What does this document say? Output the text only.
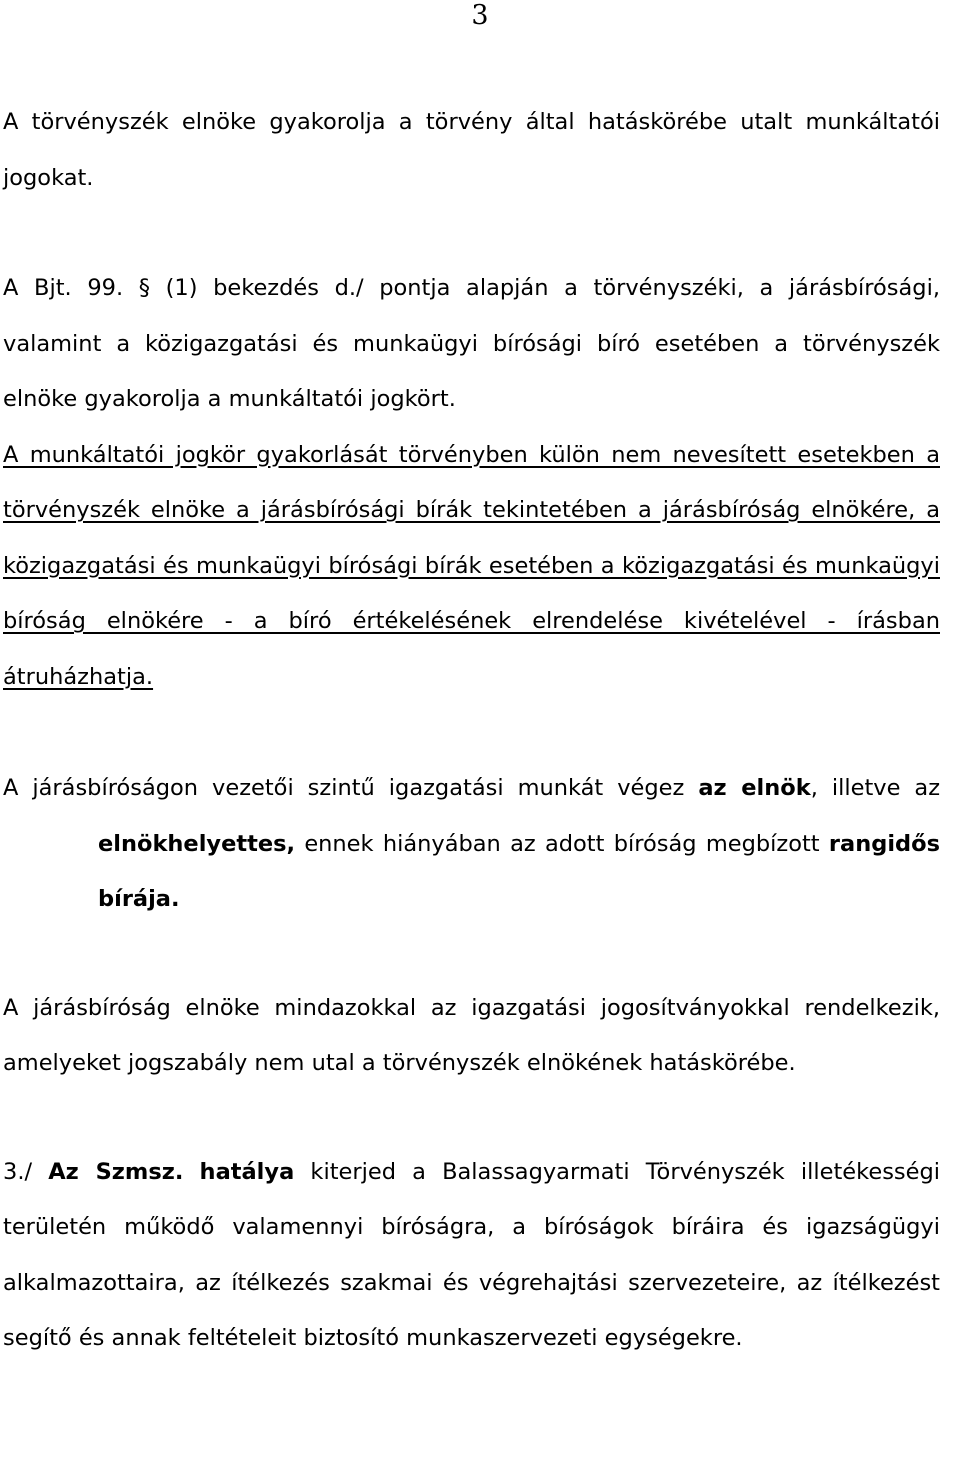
3

A törvényszék elnöke gyakorolja a törvény által hatáskörébe utalt munkáltatói jogokat.

A Bjt. 99. § (1) bekezdés d./ pontja alapján a törvényszéki, a járásbírósági, valamint a közigazgatási és munkaügyi bírósági bíró esetében a törvényszék elnöke gyakorolja a munkáltatói jogkört.

A munkáltatói jogkör gyakorlását törvényben külön nem nevesített esetekben a törvényszék elnöke a járásbírósági bírák tekintetében a járásbíróság elnökére, a közigazgatási és munkaügyi bírósági bírák esetében a közigazgatási és munkaügyi bíróság elnökére - a bíró értékelésének elrendelése kivételével - írásban átruházhatja.

A járásbíróságon vezetői szintű igazgatási munkát végez az elnök, illetve az elnökhelyettes, ennek hiányában az adott bíróság megbízott rangidős bírája.

A járásbíróság elnöke mindazokkal az igazgatási jogosítványokkal rendelkezik, amelyeket jogszabály nem utal a törvényszék elnökének hatáskörébe.

3./ Az Szmsz. hatálya kiterjed a Balassagyarmati Törvényszék illetékességi területén működő valamennyi bíróságra, a bíróságok bíráira és igazságügyi alkalmazottaira, az ítélkezés szakmai és végrehajtási szervezeteire, az ítélkezést segítő és annak feltételeit biztosító munkaszervezeti egységekre.
